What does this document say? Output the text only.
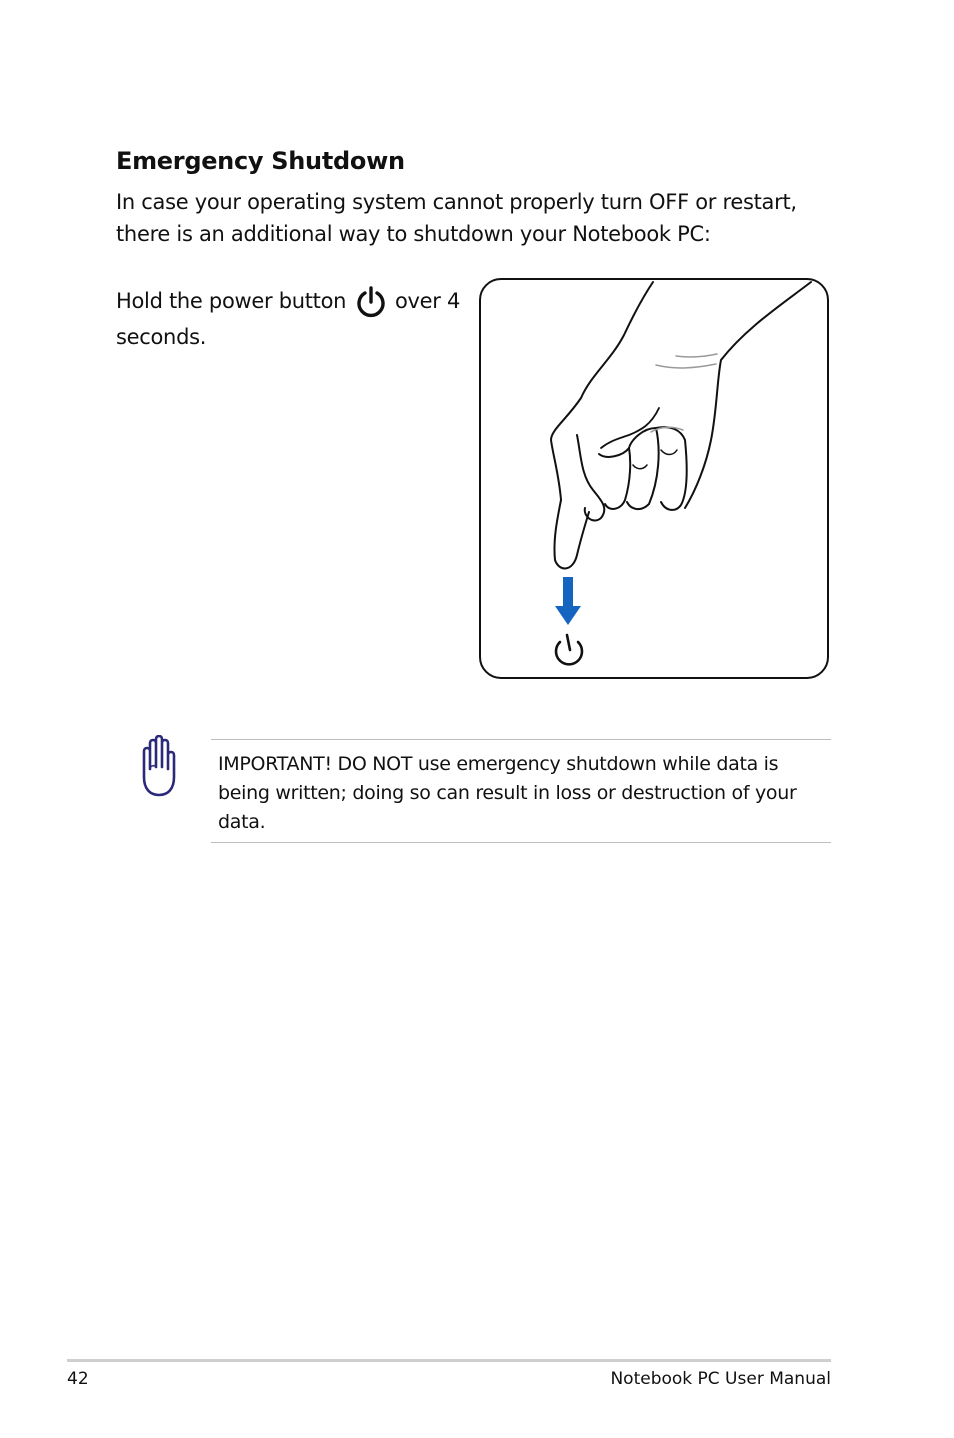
Emergency Shutdown
In case your operating system cannot properly turn OFF or restart, there is an additional way to shutdown your Notebook PC:
Hold the power button over 4 seconds.
IMPORTANT! DO NOT use emergency shutdown while data is being written; doing so can result in loss or destruction of your data.
42	Notebook PC User Manual
